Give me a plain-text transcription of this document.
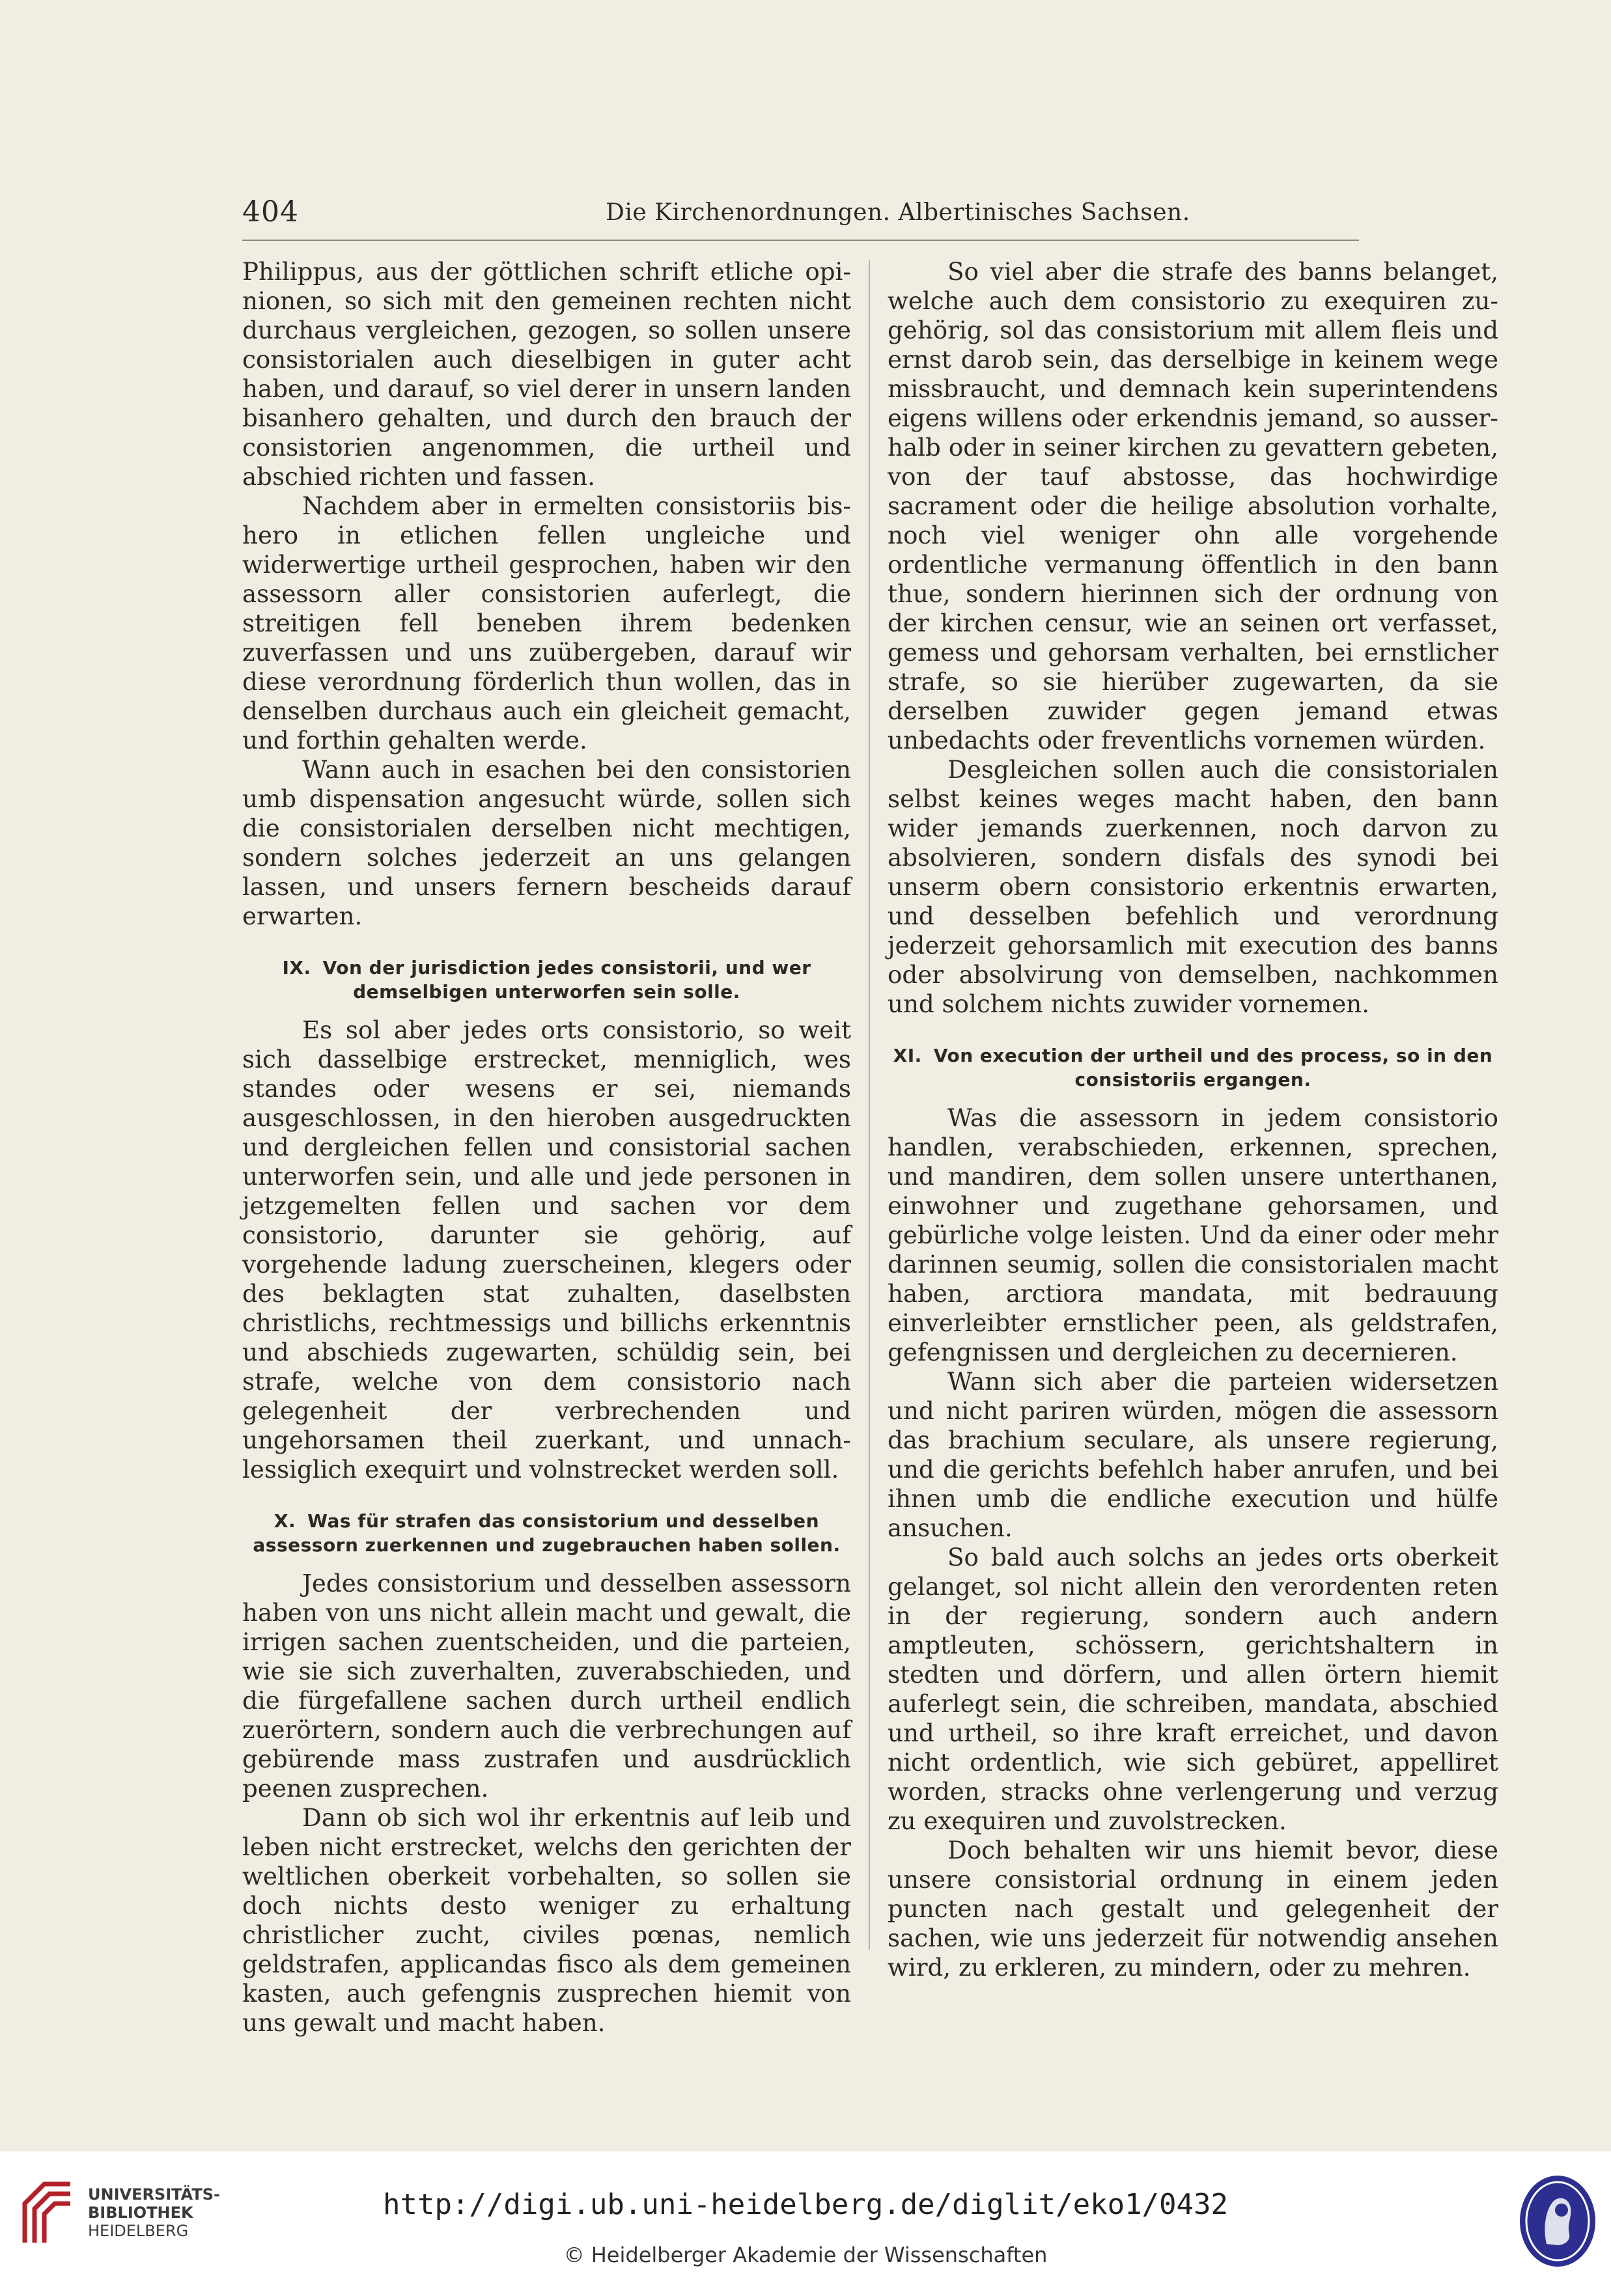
404	Die Kirchenordnungen. Albertinisches Sachsen.

Philippus, aus der göttlichen schrift etliche opinionen, so sich mit den gemeinen rechten nicht durchaus vergleichen, gezogen, so sollen unsere consistorialen auch dieselbigen in guter acht haben, und darauf, so viel derer in unsern landen bisanhero gehalten, und durch den brauch der consistorien angenommen, die urtheil und abschied richten und fassen.

Nachdem aber in ermelten consistoriis bishero in etlichen fellen ungleiche und widerwertige urtheil gesprochen, haben wir den assessorn aller consistorien auferlegt, die streitigen fell beneben ihrem bedenken zuverfassen und uns zuübergeben, darauf wir diese verordnung förderlich thun wollen, das in denselben durchaus auch ein gleicheit gemacht, und forthin gehalten werde.

Wann auch in esachen bei den consistorien umb dispensation angesucht würde, sollen sich die consistorialen derselben nicht mechtigen, sondern solches jederzeit an uns gelangen lassen, und unsers fernern bescheids darauf erwarten.

IX. Von der jurisdiction jedes consistorii, und wer demselbigen unterworfen sein solle.

Es sol aber jedes orts consistorio, so weit sich dasselbige erstrecket, menniglich, wes standes oder wesens er sei, niemands ausgeschlossen, in den hieroben ausgedruckten und dergleichen fellen und consistorial sachen unterworfen sein, und alle und jede personen in jetzgemelten fellen und sachen vor dem consistorio, darunter sie gehörig, auf vorgehende ladung zuerscheinen, klegers oder des beklagten stat zuhalten, daselbsten christlichs, rechtmessigs und billichs erkenntnis und abschieds zugewarten, schüldig sein, bei strafe, welche von dem consistorio nach gelegenheit der verbrechenden und ungehorsamen theil zuerkant, und unnachlessiglich exequirt und volnstrecket werden soll.

X. Was für strafen das consistorium und desselben assessorn zuerkennen und zugebrauchen haben sollen.

Jedes consistorium und desselben assessorn haben von uns nicht allein macht und gewalt, die irrigen sachen zuentscheiden, und die parteien, wie sie sich zuverhalten, zuverabschieden, und die fürgefallene sachen durch urtheil endlich zuerörtern, sondern auch die verbrechungen auf gebürende mass zustrafen und ausdrücklich peenen zusprechen.

Dann ob sich wol ihr erkentnis auf leib und leben nicht erstrecket, welchs den gerichten der weltlichen oberkeit vorbehalten, so sollen sie doch nichts desto weniger zu erhaltung christlicher zucht, civiles pœnas, nemlich geldstrafen, applicandas fisco als dem gemeinen kasten, auch gefengnis zusprechen hiemit von uns gewalt und macht haben.

So viel aber die strafe des banns belanget, welche auch dem consistorio zu exequiren zugehörig, sol das consistorium mit allem fleis und ernst darob sein, das derselbige in keinem wege missbraucht, und demnach kein superintendens eigens willens oder erkendnis jemand, so ausserhalb oder in seiner kirchen zu gevattern gebeten, von der tauf abstosse, das hochwirdige sacrament oder die heilige absolution vorhalte, noch viel weniger ohn alle vorgehende ordentliche vermanung öffentlich in den bann thue, sondern hierinnen sich der ordnung von der kirchen censur, wie an seinen ort verfasset, gemess und gehorsam verhalten, bei ernstlicher strafe, so sie hierüber zugewarten, da sie derselben zuwider gegen jemand etwas unbedachts oder freventlichs vornemen würden.

Desgleichen sollen auch die consistorialen selbst keines weges macht haben, den bann wider jemands zuerkennen, noch darvon zu absolvieren, sondern disfals des synodi bei unserm obern consistorio erkentnis erwarten, und desselben befehlich und verordnung jederzeit gehorsamlich mit execution des banns oder absolvirung von demselben, nachkommen und solchem nichts zuwider vornemen.

XI. Von execution der urtheil und des process, so in den consistoriis ergangen.

Was die assessorn in jedem consistorio handlen, verabschieden, erkennen, sprechen, und mandiren, dem sollen unsere unterthanen, einwohner und zugethane gehorsamen, und gebürliche volge leisten. Und da einer oder mehr darinnen seumig, sollen die consistorialen macht haben, arctiora mandata, mit bedrauung einverleibter ernstlicher peen, als geldstrafen, gefengnissen und dergleichen zu decernieren.

Wann sich aber die parteien widersetzen und nicht pariren würden, mögen die assessorn das brachium seculare, als unsere regierung, und die gerichts befehlch haber anrufen, und bei ihnen umb die endliche execution und hülfe ansuchen.

So bald auch solchs an jedes orts oberkeit gelanget, sol nicht allein den verordenten reten in der regierung, sondern auch andern amptleuten, schössern, gerichtshaltern in stedten und dörfern, und allen örtern hiemit auferlegt sein, die schreiben, mandata, abschied und urtheil, so ihre kraft erreichet, und davon nicht ordentlich, wie sich gebüret, appelliret worden, stracks ohne verlengerung und verzug zu exequiren und zuvolstrecken.

Doch behalten wir uns hiemit bevor, diese unsere consistorial ordnung in einem jeden puncten nach gestalt und gelegenheit der sachen, wie uns jederzeit für notwendig ansehen wird, zu erkleren, zu mindern, oder zu mehren.

UNIVERSITÄTS-
BIBLIOTHEK
HEIDELBERG
http://digi.ub.uni-heidelberg.de/diglit/eko1/0432
© Heidelberger Akademie der Wissenschaften
